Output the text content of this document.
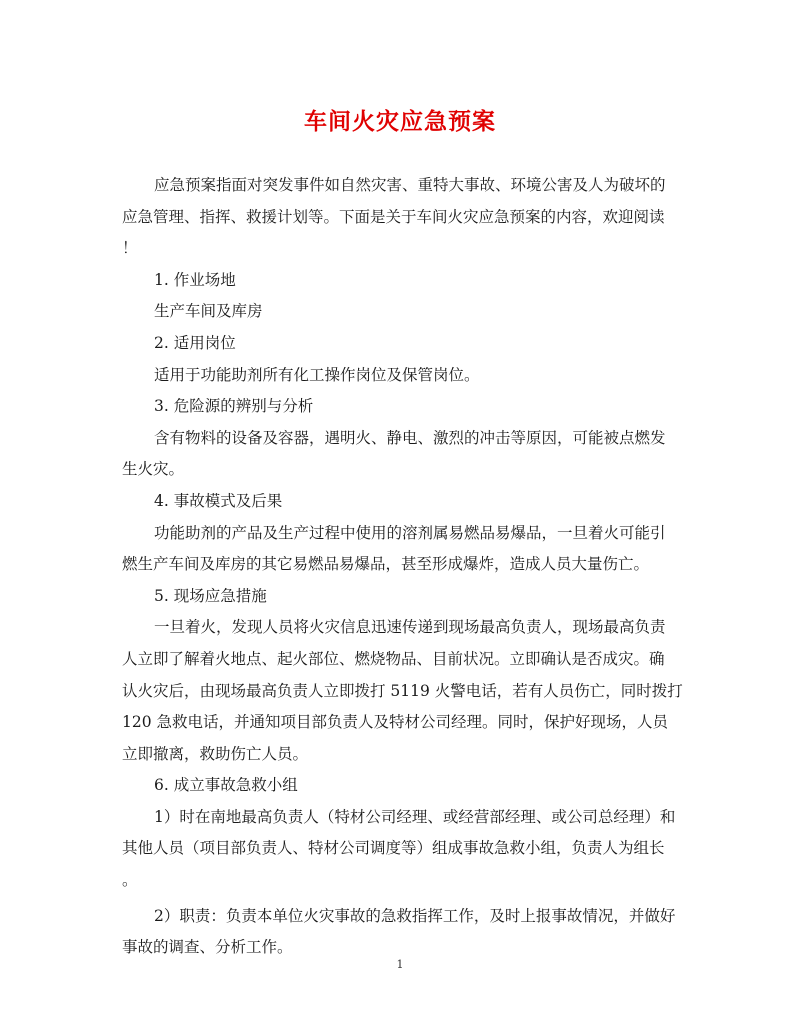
车间火灾应急预案

应急预案指面对突发事件如自然灾害、重特大事故、环境公害及人为破坏的

应急管理、指挥、救援计划等。下面是关于车间火灾应急预案的内容，欢迎阅读

！

1. 作业场地

生产车间及库房

2. 适用岗位

适用于功能助剂所有化工操作岗位及保管岗位。

3. 危险源的辨别与分析

含有物料的设备及容器，遇明火、静电、激烈的冲击等原因，可能被点燃发

生火灾。

4. 事故模式及后果

功能助剂的产品及生产过程中使用的溶剂属易燃品易爆品，一旦着火可能引

燃生产车间及库房的其它易燃品易爆品，甚至形成爆炸，造成人员大量伤亡。

5. 现场应急措施

一旦着火，发现人员将火灾信息迅速传递到现场最高负责人，现场最高负责

人立即了解着火地点、起火部位、燃烧物品、目前状况。立即确认是否成灾。确

认火灾后，由现场最高负责人立即拨打 5119 火警电话，若有人员伤亡，同时拨打

120 急救电话，并通知项目部负责人及特材公司经理。同时，保护好现场，人员

立即撤离，救助伤亡人员。

6. 成立事故急救小组

1）时在南地最高负责人（特材公司经理、或经营部经理、或公司总经理）和

其他人员（项目部负责人、特材公司调度等）组成事故急救小组，负责人为组长

。

2）职责：负责本单位火灾事故的急救指挥工作，及时上报事故情况，并做好

事故的调查、分析工作。

1
